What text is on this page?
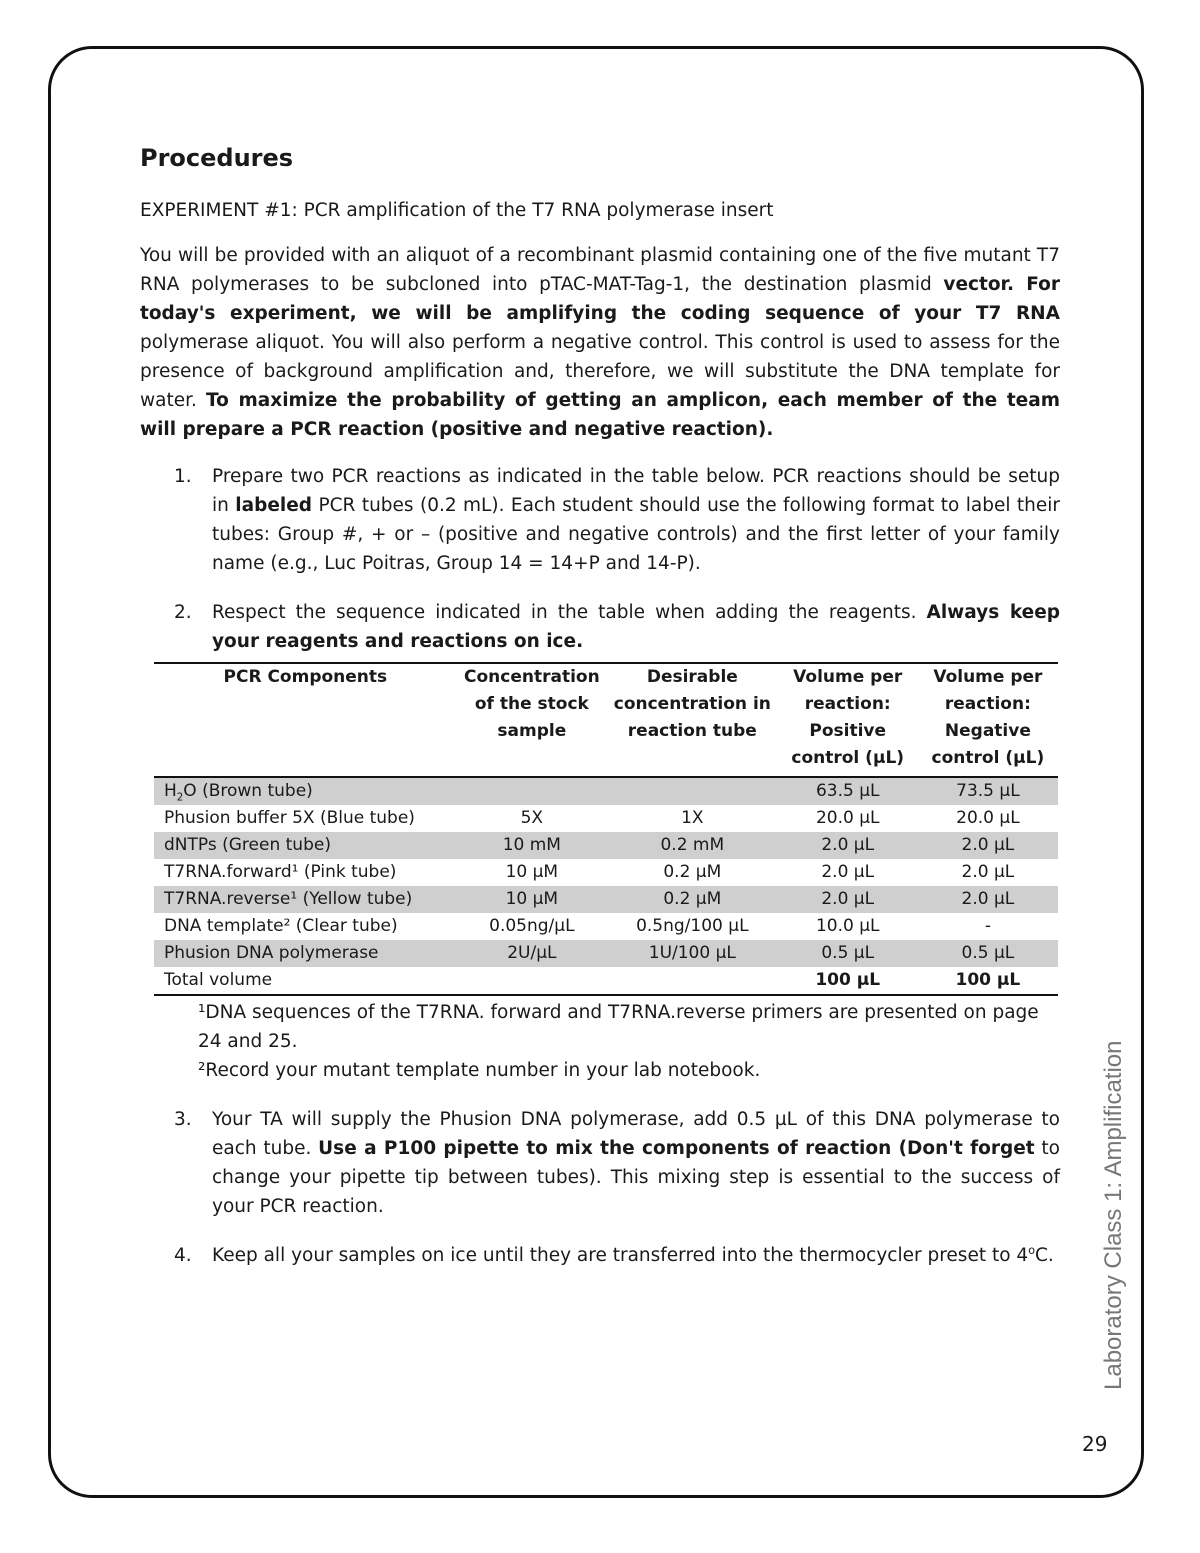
Procedures
EXPERIMENT #1: PCR amplification of the T7 RNA polymerase insert

You will be provided with an aliquot of a recombinant plasmid containing one of the five mutant T7 RNA polymerases to be subcloned into pTAC-MAT-Tag-1, the destination plasmid vector. For today's experiment, we will be amplifying the coding sequence of your T7 RNA polymerase aliquot. You will also perform a negative control. This control is used to assess for the presence of background amplification and, therefore, we will substitute the DNA template for water. To maximize the probability of getting an amplicon, each member of the team will prepare a PCR reaction (positive and negative reaction).

1. Prepare two PCR reactions as indicated in the table below. PCR reactions should be setup in labeled PCR tubes (0.2 mL). Each student should use the following format to label their tubes: Group #, + or – (positive and negative controls) and the first letter of your family name (e.g., Luc Poitras, Group 14 = 14+P and 14-P).
2. Respect the sequence indicated in the table when adding the reagents. Always keep your reagents and reactions on ice.
PCR Components	Concentration of the stock sample	Desirable concentration in reaction tube	Volume per reaction: Positive control (µL)	Volume per reaction: Negative control (µL)
$H_2O$ (Brown tube)			63.5 µL	73.5 µL
Phusion buffer 5X (Blue tube)	5X	1X	20.0 µL	20.0 µL
dNTPs (Green tube)	10 mM	0.2 mM	2.0 µL	2.0 µL
T7RNA.forward¹ (Pink tube)	10 µM	0.2 µM	2.0 µL	2.0 µL
T7RNA.reverse¹ (Yellow tube)	10 µM	0.2 µM	2.0 µL	2.0 µL
DNA template² (Clear tube)	0.05ng/µL	0.5ng/100 µL	10.0 µL	-
Phusion DNA polymerase	2U/µL	1U/100 µL	0.5 µL	0.5 µL
Total volume			100 µL	100 µL
¹DNA sequences of the T7RNA. forward and T7RNA.reverse primers are presented on page 24 and 25.
²Record your mutant template number in your lab notebook.
3. Your TA will supply the Phusion DNA polymerase, add 0.5 µL of this DNA polymerase to each tube. Use a P100 pipette to mix the components of reaction (Don't forget to change your pipette tip between tubes). This mixing step is essential to the success of your PCR reaction.
4. Keep all your samples on ice until they are transferred into the thermocycler preset to 4$^o$C. Laboratory Class 1: Amplification
29
